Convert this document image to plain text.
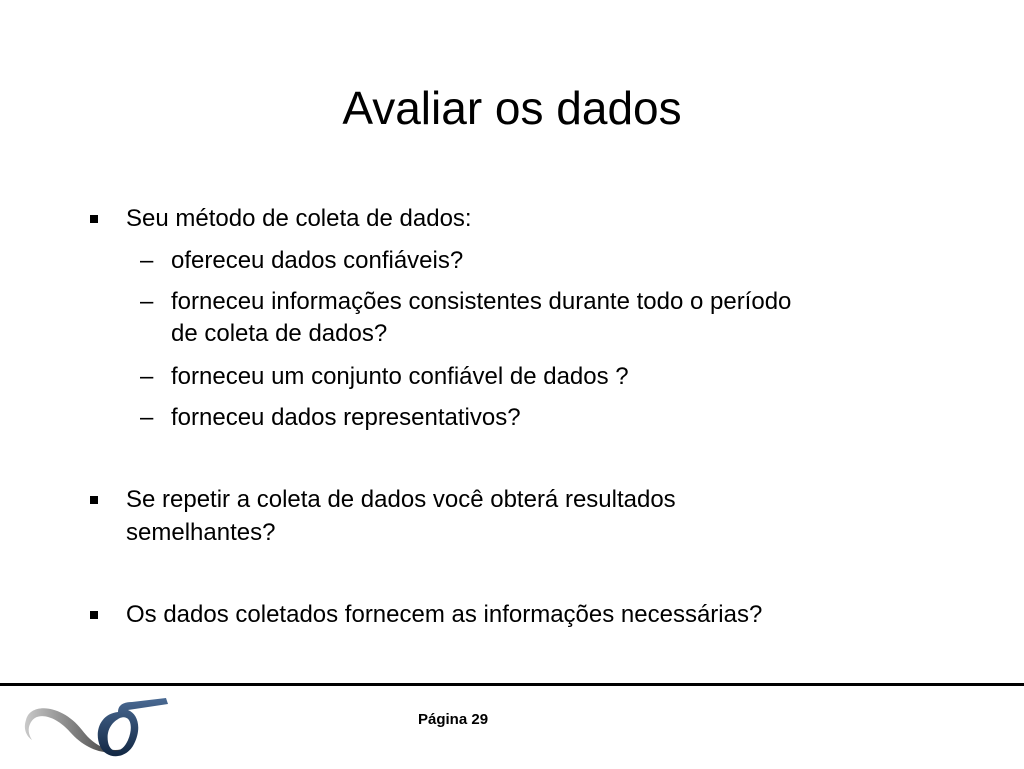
Avaliar os dados
Seu método de coleta de dados:
– ofereceu dados confiáveis?
– forneceu informações consistentes durante todo o período
de coleta de dados?
– forneceu um conjunto confiável de dados ?
– forneceu dados representativos?
Se repetir a coleta de dados você obterá resultados
semelhantes?
Os dados coletados fornecem as informações necessárias?
Página 29
